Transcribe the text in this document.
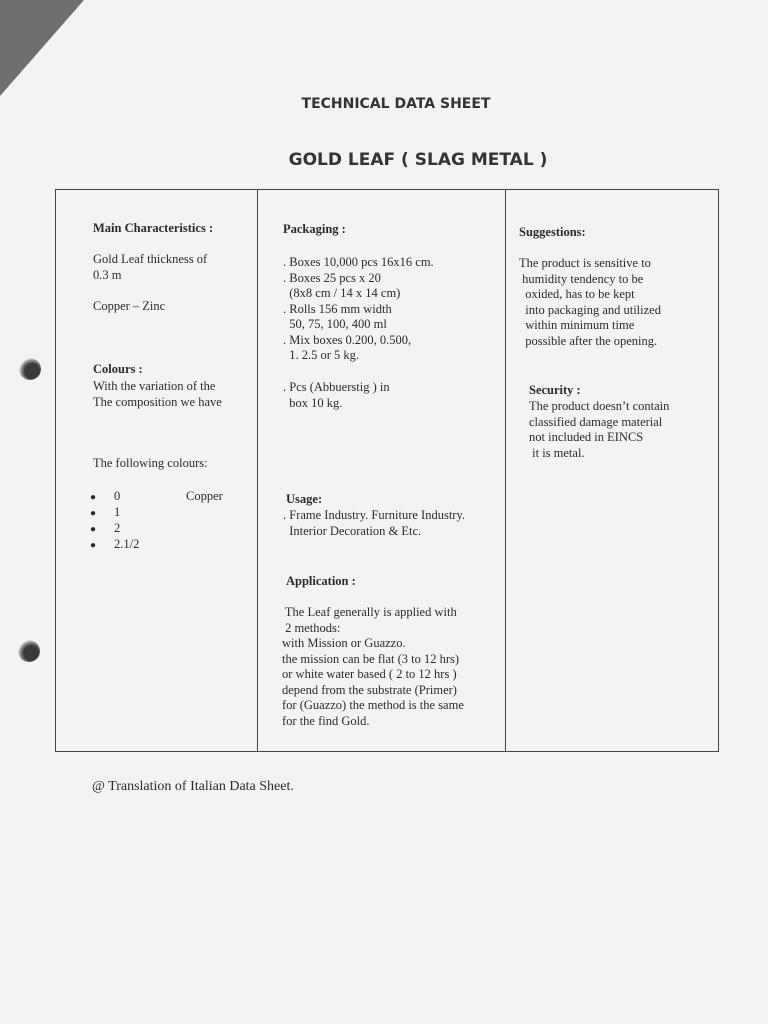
TECHNICAL DATA SHEET
GOLD LEAF ( SLAG METAL )
Main Characteristics :
Gold Leaf thickness of
0.3 m
Copper – Zinc
Colours :
With the variation of the
The composition we have
The following colours:
● 0	Copper
● 1
● 2
● 2.1/2
Packaging :
. Boxes 10,000 pcs 16x16 cm.
. Boxes 25 pcs x 20
(8x8 cm / 14 x 14 cm)
. Rolls 156 mm width
50, 75, 100, 400 ml
. Mix boxes 0.200, 0.500,
1. 2.5 or 5 kg.
. Pcs (Abbuerstig ) in
box 10 kg.
Usage:
. Frame Industry. Furniture Industry.
Interior Decoration & Etc.
Application :
The Leaf generally is applied with
2 methods:
with Mission or Guazzo.
the mission can be flat (3 to 12 hrs)
or white water based ( 2 to 12 hrs )
depend from the substrate (Primer)
for (Guazzo) the method is the same
for the find Gold.
Suggestions:
The product is sensitive to
humidity tendency to be
oxided, has to be kept
into packaging and utilized
within minimum time
possible after the opening.
Security :
The product doesn’t contain
classified damage material
not included in EINCS
it is metal.
@ Translation of Italian Data Sheet.
